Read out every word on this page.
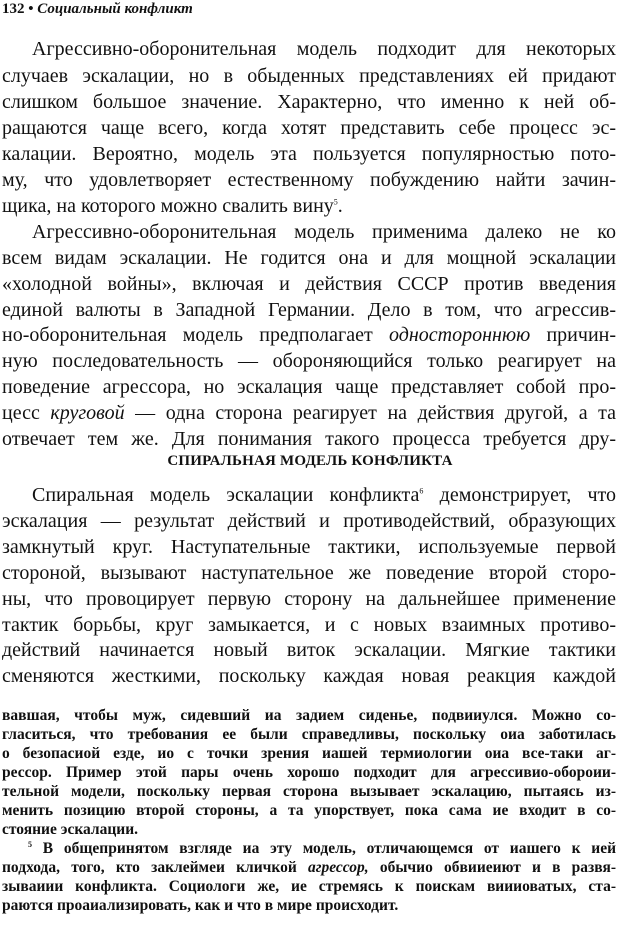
132 • Социальный конфликт
Агрессивно-оборонительная модель подходит для некоторых
случаев эскалации, но в обыденных представлениях ей придают
слишком большое значение. Характерно, что именно к ней об-
ращаются чаще всего, когда хотят представить себе процесс эс-
калации. Вероятно, модель эта пользуется популярностью пото-
му, что удовлетворяет естественному побуждению найти зачин-
щика, на которого можно свалить вину$^5$.
Агрессивно-оборонительная модель применима далеко не ко
всем видам эскалации. Не годится она и для мощной эскалации
«холодной войны», включая и действия СССР против введения
единой валюты в Западной Германии. Дело в том, что агрессив-
но-оборонительная модель предполагает одностороннюю причин-
ную последовательность — обороняющийся только реагирует на
поведение агрессора, но эскалация чаще представляет собой про-
цесс круговой — одна сторона реагирует на действия другой, а та
отвечает тем же. Для понимания такого процесса требуется дру-
СПИРАЛЬНАЯ МОДЕЛЬ КОНФЛИКТА
Спиральная модель эскалации конфликта$^6$ демонстрирует, что
эскалация — результат действий и противодействий, образующих
замкнутый круг. Наступательные тактики, используемые первой
стороной, вызывают наступательное же поведение второй сторо-
ны, что провоцирует первую сторону на дальнейшее применение
тактик борьбы, круг замыкается, и с новых взаимных противо-
действий начинается новый виток эскалации. Мягкие тактики
сменяются жесткими, поскольку каждая новая реакция каждой
вавшая, чтобы муж, сидевший иа задием сиденье, подвииулся. Можно со-
гласиться, что требования ее были справедливы, поскольку оиа заботилась
о безопасиой езде, ио с точки зрения иашей термиологии оиа все-таки аг-
рессор. Пример этой пары очень хорошо подходит для агрессивио-обороии-
тельной модели, поскольку первая сторона вызывает эскалацию, пытаясь из-
менить позицию второй стороны, а та упорствует, пока сама ие входит в со-
стояние эскалации.
$^5$ В общепринятом взгляде иа эту модель, отличающемся от иашего к ией
подхода, того, кто заклеймеи кличкой агрессор, обычио обвииеиют и в развя-
зываиии конфликта. Социологи же, ие стремясь к поискам виииоватых, ста-
раются проаиализировать, как и что в мире происходит.
